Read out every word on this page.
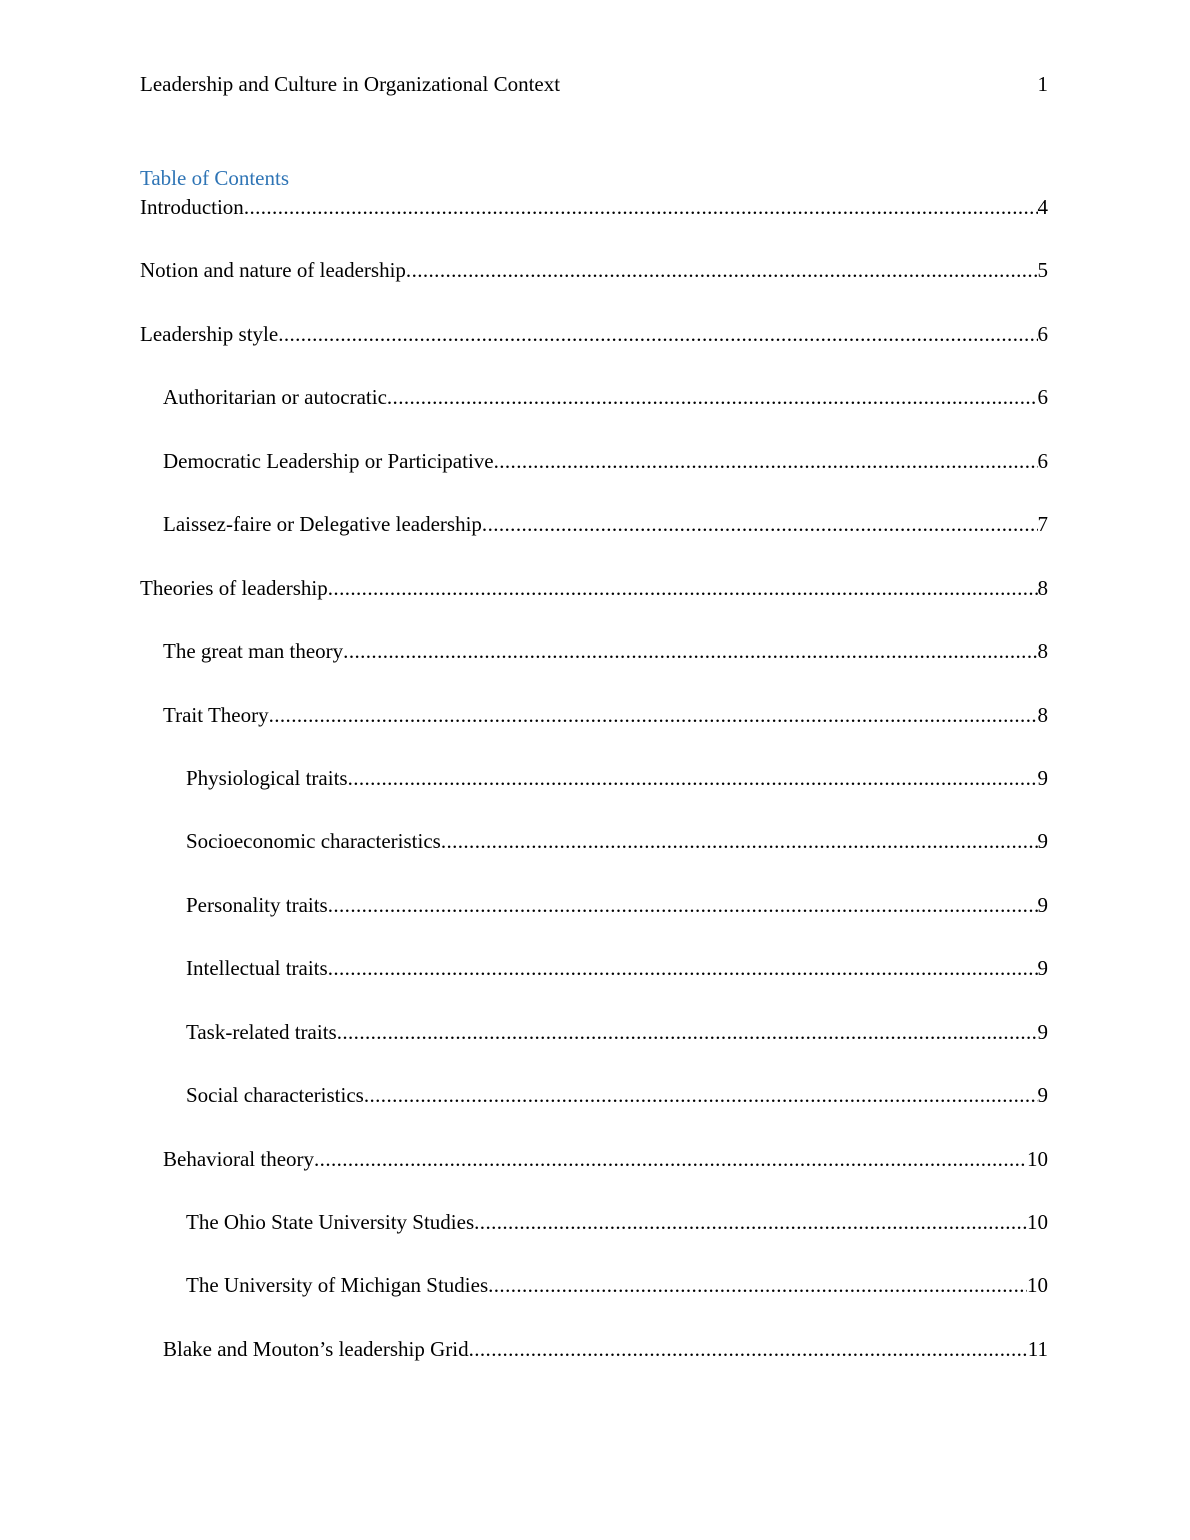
Leadership and Culture in Organizational Context	1
Table of Contents
Introduction .....	4
Notion and nature of leadership .....	5
Leadership style .....	6
Authoritarian or autocratic .....	6
Democratic Leadership or Participative .....	6
Laissez-faire or Delegative leadership .....	7
Theories of leadership .....	8
The great man theory .....	8
Trait Theory .....	8
Physiological traits .....	9
Socioeconomic characteristics .....	9
Personality traits .....	9
Intellectual traits .....	9
Task-related traits .....	9
Social characteristics .....	9
Behavioral theory .....	10
The Ohio State University Studies .....	10
The University of Michigan Studies .....	10
Blake and Mouton’s leadership Grid .....	11
